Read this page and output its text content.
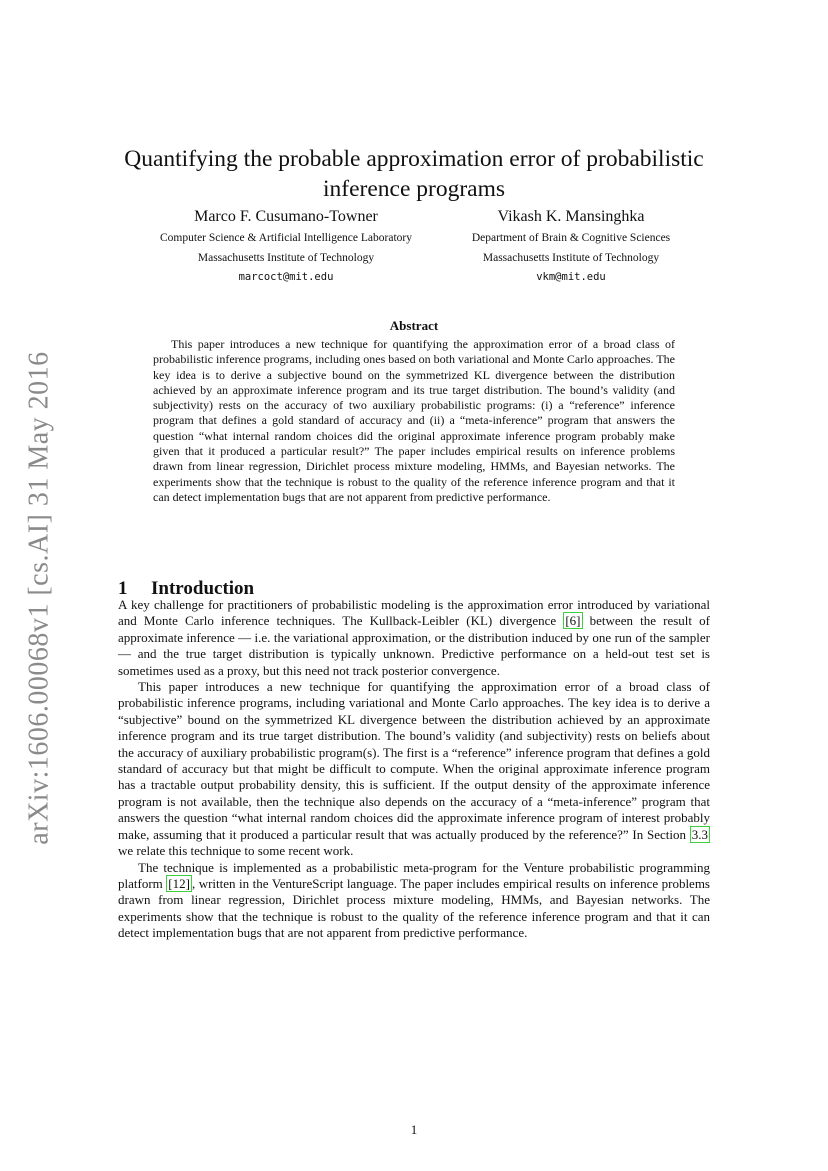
arXiv:1606.00068v1 [cs.AI] 31 May 2016
Quantifying the probable approximation error of probabilistic
inference programs
Marco F. Cusumano-Towner
Computer Science & Artificial Intelligence Laboratory
Massachusetts Institute of Technology
marcoct@mit.edu
Vikash K. Mansinghka
Department of Brain & Cognitive Sciences
Massachusetts Institute of Technology
vkm@mit.edu
Abstract

This paper introduces a new technique for quantifying the approximation error of a broad class of probabilistic inference programs, including ones based on both variational and Monte Carlo approaches. The key idea is to derive a subjective bound on the symmetrized KL divergence between the distribution achieved by an approximate inference program and its true target distribution. The bound’s validity (and subjectivity) rests on the accuracy of two auxiliary probabilistic programs: (i) a “reference” inference program that defines a gold standard of accuracy and (ii) a “meta-inference” program that answers the question “what internal random choices did the original approximate inference program probably make given that it produced a particular result?” The paper includes empirical results on inference problems drawn from linear regression, Dirichlet process mixture modeling, HMMs, and Bayesian networks. The experiments show that the technique is robust to the quality of the reference inference program and that it can detect implementation bugs that are not apparent from predictive performance.

1 Introduction

A key challenge for practitioners of probabilistic modeling is the approximation error introduced by variational and Monte Carlo inference techniques. The Kullback-Leibler (KL) divergence [6] between the result of approximate inference — i.e. the variational approximation, or the distribution induced by one run of the sampler — and the true target distribution is typically unknown. Predictive performance on a held-out test set is sometimes used as a proxy, but this need not track posterior convergence.

This paper introduces a new technique for quantifying the approximation error of a broad class of probabilistic inference programs, including variational and Monte Carlo approaches. The key idea is to derive a “subjective” bound on the symmetrized KL divergence between the distribution achieved by an approximate inference program and its true target distribution. The bound’s validity (and subjectivity) rests on beliefs about the accuracy of auxiliary probabilistic program(s). The first is a “reference” inference program that defines a gold standard of accuracy but that might be difficult to compute. When the original approximate inference program has a tractable output probability density, this is sufficient. If the output density of the approximate inference program is not available, then the technique also depends on the accuracy of a “meta-inference” program that answers the question “what internal random choices did the approximate inference program of interest probably make, assuming that it produced a particular result that was actually produced by the reference?” In Section 3.3 we relate this technique to some recent work.

The technique is implemented as a probabilistic meta-program for the Venture probabilistic programming platform [12] , written in the VentureScript language. The paper includes empirical results on inference problems drawn from linear regression, Dirichlet process mixture modeling, HMMs, and Bayesian networks. The experiments show that the technique is robust to the quality of the reference inference program and that it can detect implementation bugs that are not apparent from predictive performance.

1
